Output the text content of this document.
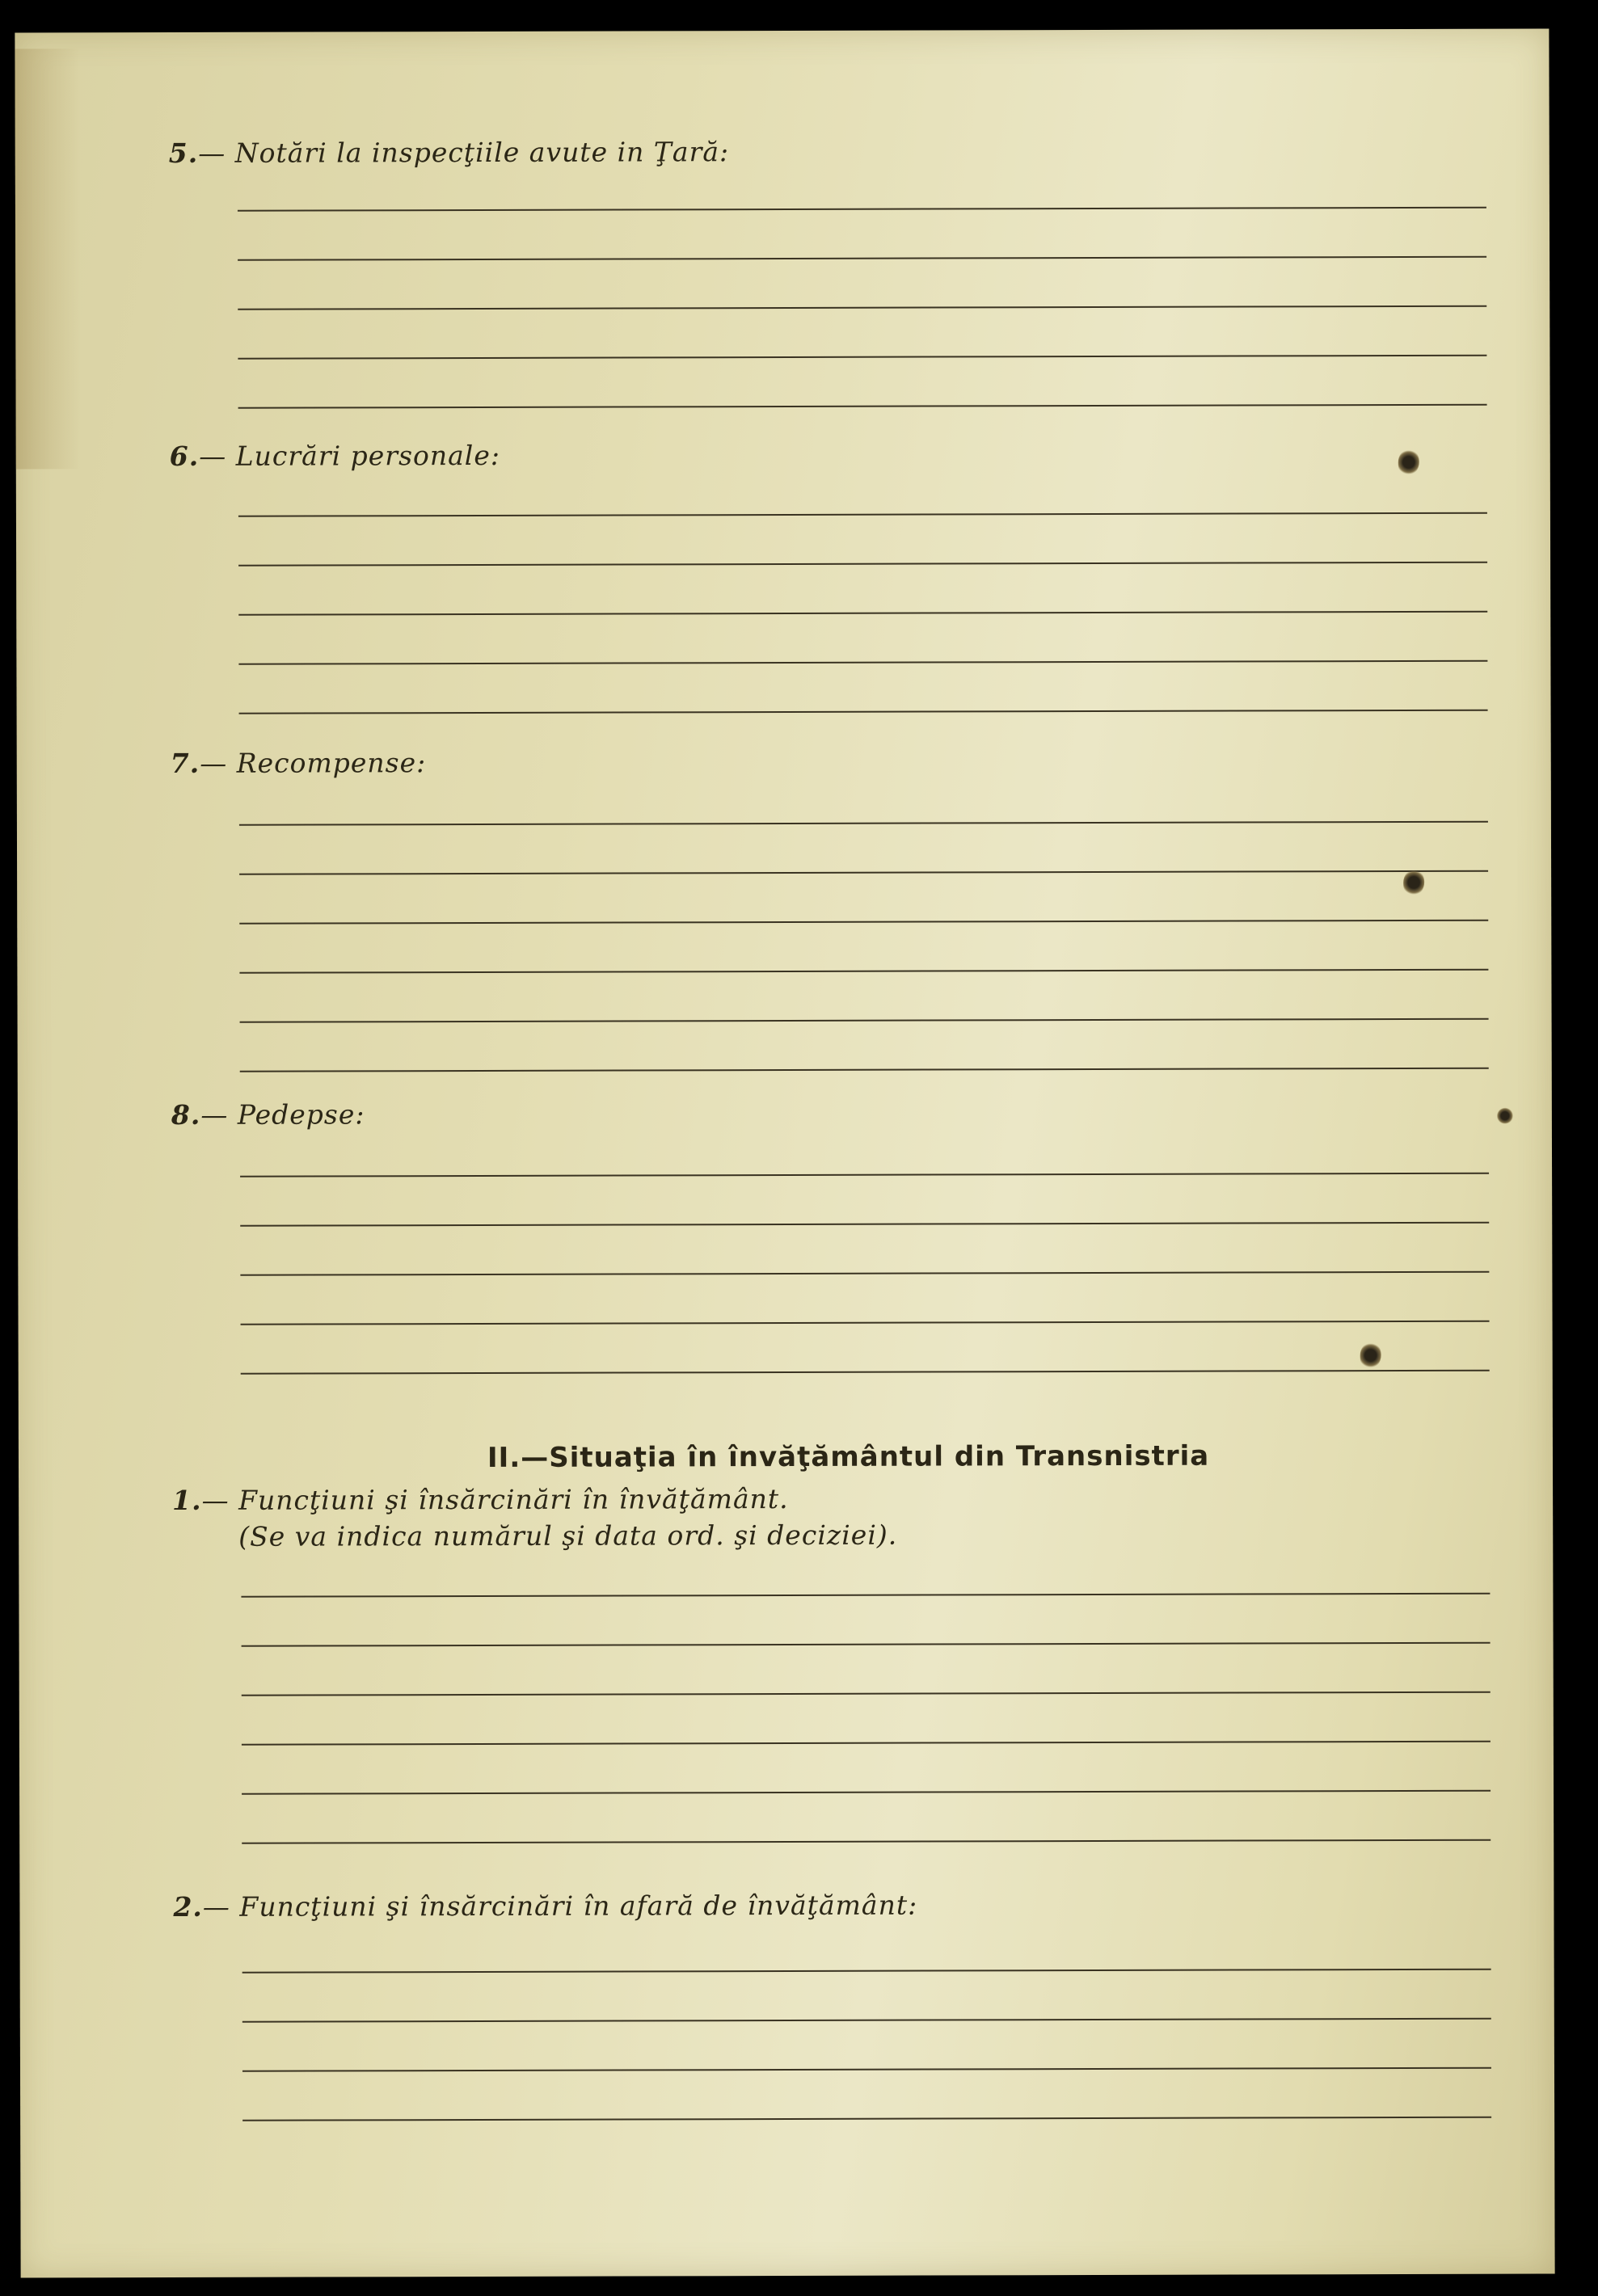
5.— Notări la inspecţiile avute in Ţară:
6.— Lucrări personale:
7.— Recompense:
8.— Pedepse:
II.—Situaţia în învăţământul din Transnistria
1.— Funcţiuni şi însărcinări în învăţământ.
(Se va indica numărul şi data ord. şi deciziei).
2.— Funcţiuni şi însărcinări în afară de învăţământ:
